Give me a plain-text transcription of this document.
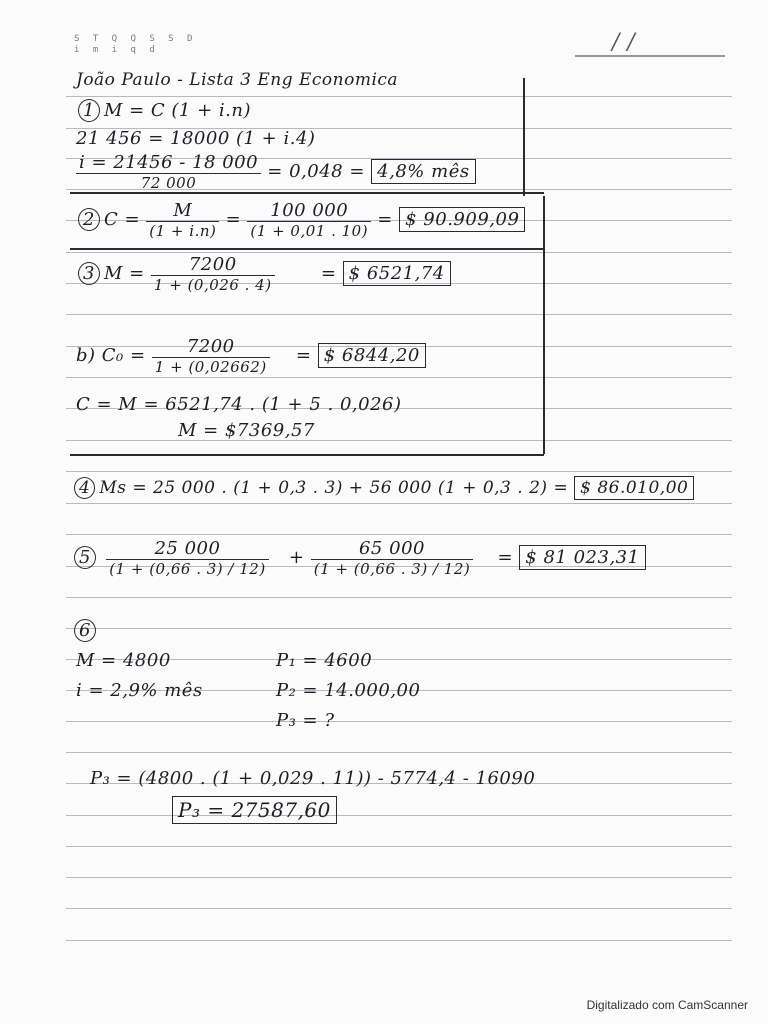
S T Q Q S S D
i m i q d	/ /
João Paulo - Lista 3 Eng Economica
1 M = C (1 + i.n)
21 456 = 18000 (1 + i.4)
$\frac{i = 21456 - 18 000}{72 000} = 0,048 = 4,8\%$ mês
2 $C = \frac{M}{(1 + i.n)} = \frac{100 000}{(1 + 0,01 . 10)}$ = $ 90.909,09
3 $M = \frac{7200}{1 + (0,026 . 4)}$	= $ 6521,74
b) $C_0 = \frac{7200}{1 + (0,02662)}$ = $ 6844,20
C = M = 6521,74 . (1 + 5 . 0,026)
M = $7369,57
4 Ms = 25 000 . (1 + 0,3 . 3) + 56 000 (1 + 0,3 . 2) = $ 86.010,00
$5 \frac{25 000}{(1 + (0,66 . 3) / 12)} + \frac{65 000}{(1 + (0,66 . 3) / 12)}$ = $ 81 023,31
6
M = 4800
i = 2,9% mês
P₁ = 4600
P₂ = 14.000,00
P₃ = ?
P₃ = (4800 . (1 + 0,029 . 11)) - 5774,4 - 16090
P₃ = 27587,60
Digitalizado com CamScanner
